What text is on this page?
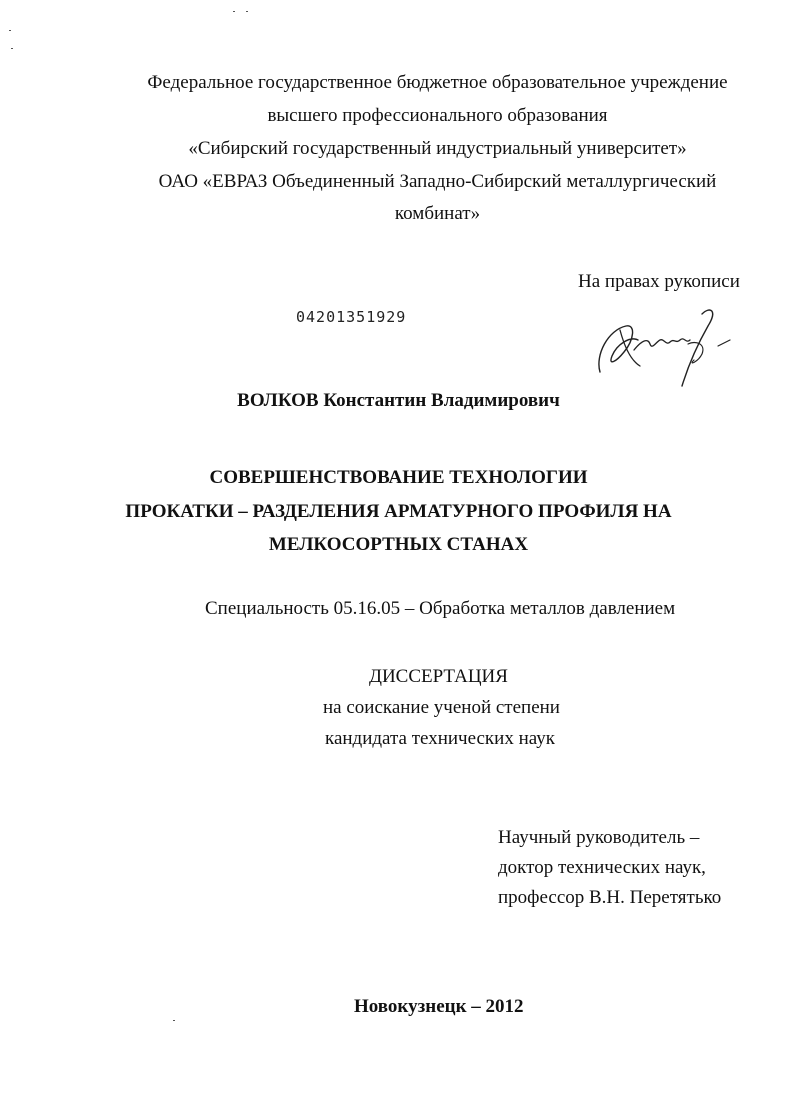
Федеральное государственное бюджетное образовательное учреждение
высшего профессионального образования
«Сибирский государственный индустриальный университет»
ОАО «ЕВРАЗ Объединенный Западно-Сибирский металлургический
комбинат»
На правах рукописи
04201351929
ВОЛКОВ Константин Владимирович
СОВЕРШЕНСТВОВАНИЕ ТЕХНОЛОГИИ
ПРОКАТКИ – РАЗДЕЛЕНИЯ АРМАТУРНОГО ПРОФИЛЯ НА
МЕЛКОСОРТНЫХ СТАНАХ
Специальность 05.16.05 – Обработка металлов давлением
ДИССЕРТАЦИЯ
на соискание ученой степени
кандидата технических наук
Научный руководитель –
доктор технических наук,
профессор В.Н. Перетятько
Новокузнецк – 2012
